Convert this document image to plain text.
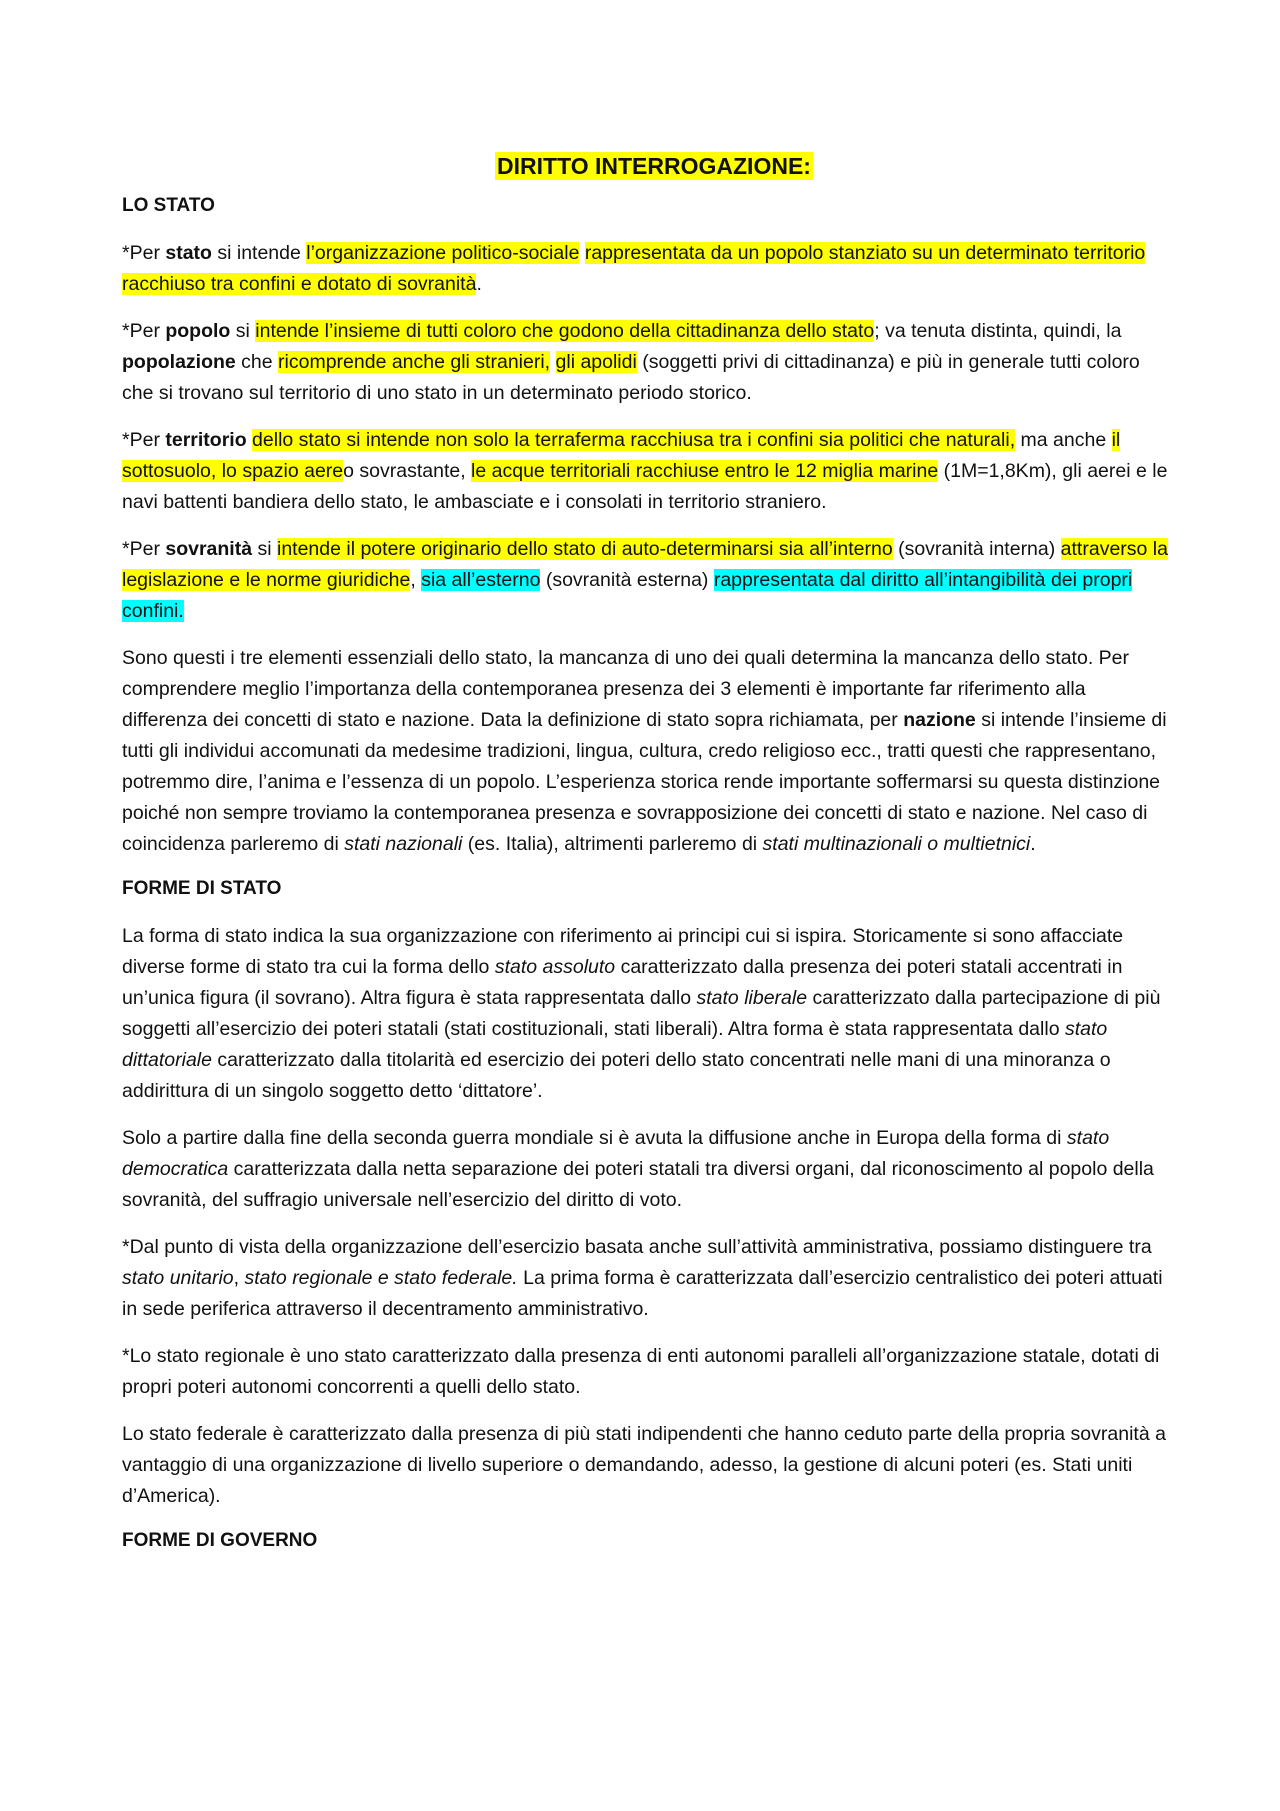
DIRITTO INTERROGAZIONE:
LO STATO

*Per stato si intende l’organizzazione politico-sociale rappresentata da un popolo stanziato su un determinato territorio racchiuso tra confini e dotato di sovranità.

*Per popolo si intende l’insieme di tutti coloro che godono della cittadinanza dello stato; va tenuta distinta, quindi, la popolazione che ricomprende anche gli stranieri, gli apolidi (soggetti privi di cittadinanza) e più in generale tutti coloro che si trovano sul territorio di uno stato in un determinato periodo storico.

*Per territorio dello stato si intende non solo la terraferma racchiusa tra i confini sia politici che naturali, ma anche il sottosuolo, lo spazio aereo sovrastante, le acque territoriali racchiuse entro le 12 miglia marine (1M=1,8Km), gli aerei e le navi battenti bandiera dello stato, le ambasciate e i consolati in territorio straniero.

*Per sovranità si intende il potere originario dello stato di auto-determinarsi sia all’interno (sovranità interna) attraverso la legislazione e le norme giuridiche, sia all’esterno (sovranità esterna) rappresentata dal diritto all’intangibilità dei propri confini.

Sono questi i tre elementi essenziali dello stato, la mancanza di uno dei quali determina la mancanza dello stato. Per comprendere meglio l’importanza della contemporanea presenza dei 3 elementi è importante far riferimento alla differenza dei concetti di stato e nazione. Data la definizione di stato sopra richiamata, per nazione si intende l’insieme di tutti gli individui accomunati da medesime tradizioni, lingua, cultura, credo religioso ecc., tratti questi che rappresentano, potremmo dire, l’anima e l’essenza di un popolo. L’esperienza storica rende importante soffermarsi su questa distinzione poiché non sempre troviamo la contemporanea presenza e sovrapposizione dei concetti di stato e nazione. Nel caso di coincidenza parleremo di stati nazionali (es. Italia), altrimenti parleremo di stati multinazionali o multietnici.

FORME DI STATO

La forma di stato indica la sua organizzazione con riferimento ai principi cui si ispira. Storicamente si sono affacciate diverse forme di stato tra cui la forma dello stato assoluto caratterizzato dalla presenza dei poteri statali accentrati in un’unica figura (il sovrano). Altra figura è stata rappresentata dallo stato liberale caratterizzato dalla partecipazione di più soggetti all’esercizio dei poteri statali (stati costituzionali, stati liberali). Altra forma è stata rappresentata dallo stato dittatoriale caratterizzato dalla titolarità ed esercizio dei poteri dello stato concentrati nelle mani di una minoranza o addirittura di un singolo soggetto detto ‘dittatore’.

Solo a partire dalla fine della seconda guerra mondiale si è avuta la diffusione anche in Europa della forma di stato democratica caratterizzata dalla netta separazione dei poteri statali tra diversi organi, dal riconoscimento al popolo della sovranità, del suffragio universale nell’esercizio del diritto di voto.

*Dal punto di vista della organizzazione dell’esercizio basata anche sull’attività amministrativa, possiamo distinguere tra stato unitario, stato regionale e stato federale. La prima forma è caratterizzata dall’esercizio centralistico dei poteri attuati in sede periferica attraverso il decentramento amministrativo.

*Lo stato regionale è uno stato caratterizzato dalla presenza di enti autonomi paralleli all’organizzazione statale, dotati di propri poteri autonomi concorrenti a quelli dello stato.

Lo stato federale è caratterizzato dalla presenza di più stati indipendenti che hanno ceduto parte della propria sovranità a vantaggio di una organizzazione di livello superiore o demandando, adesso, la gestione di alcuni poteri (es. Stati uniti d’America).

FORME DI GOVERNO
